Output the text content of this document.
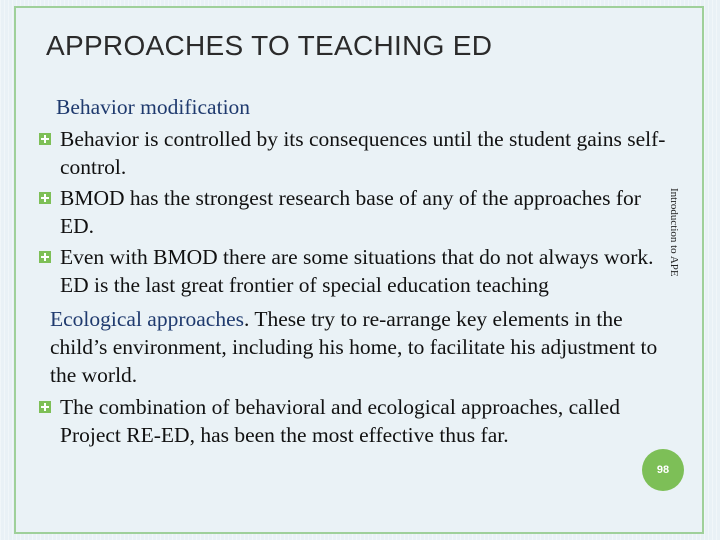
APPROACHES TO TEACHING ED
Behavior modification
Behavior is controlled by its consequences until the student gains self-control.
BMOD has the strongest research base of any of the approaches for ED.
Even with BMOD there are some situations that do not always work. ED is the last great frontier of special education teaching
Ecological approaches. These try to re-arrange key elements in the child’s environment, including his home, to facilitate his adjustment to the world.
The combination of behavioral and ecological approaches, called Project RE-ED, has been the most effective thus far.
Introduction to APE
98
